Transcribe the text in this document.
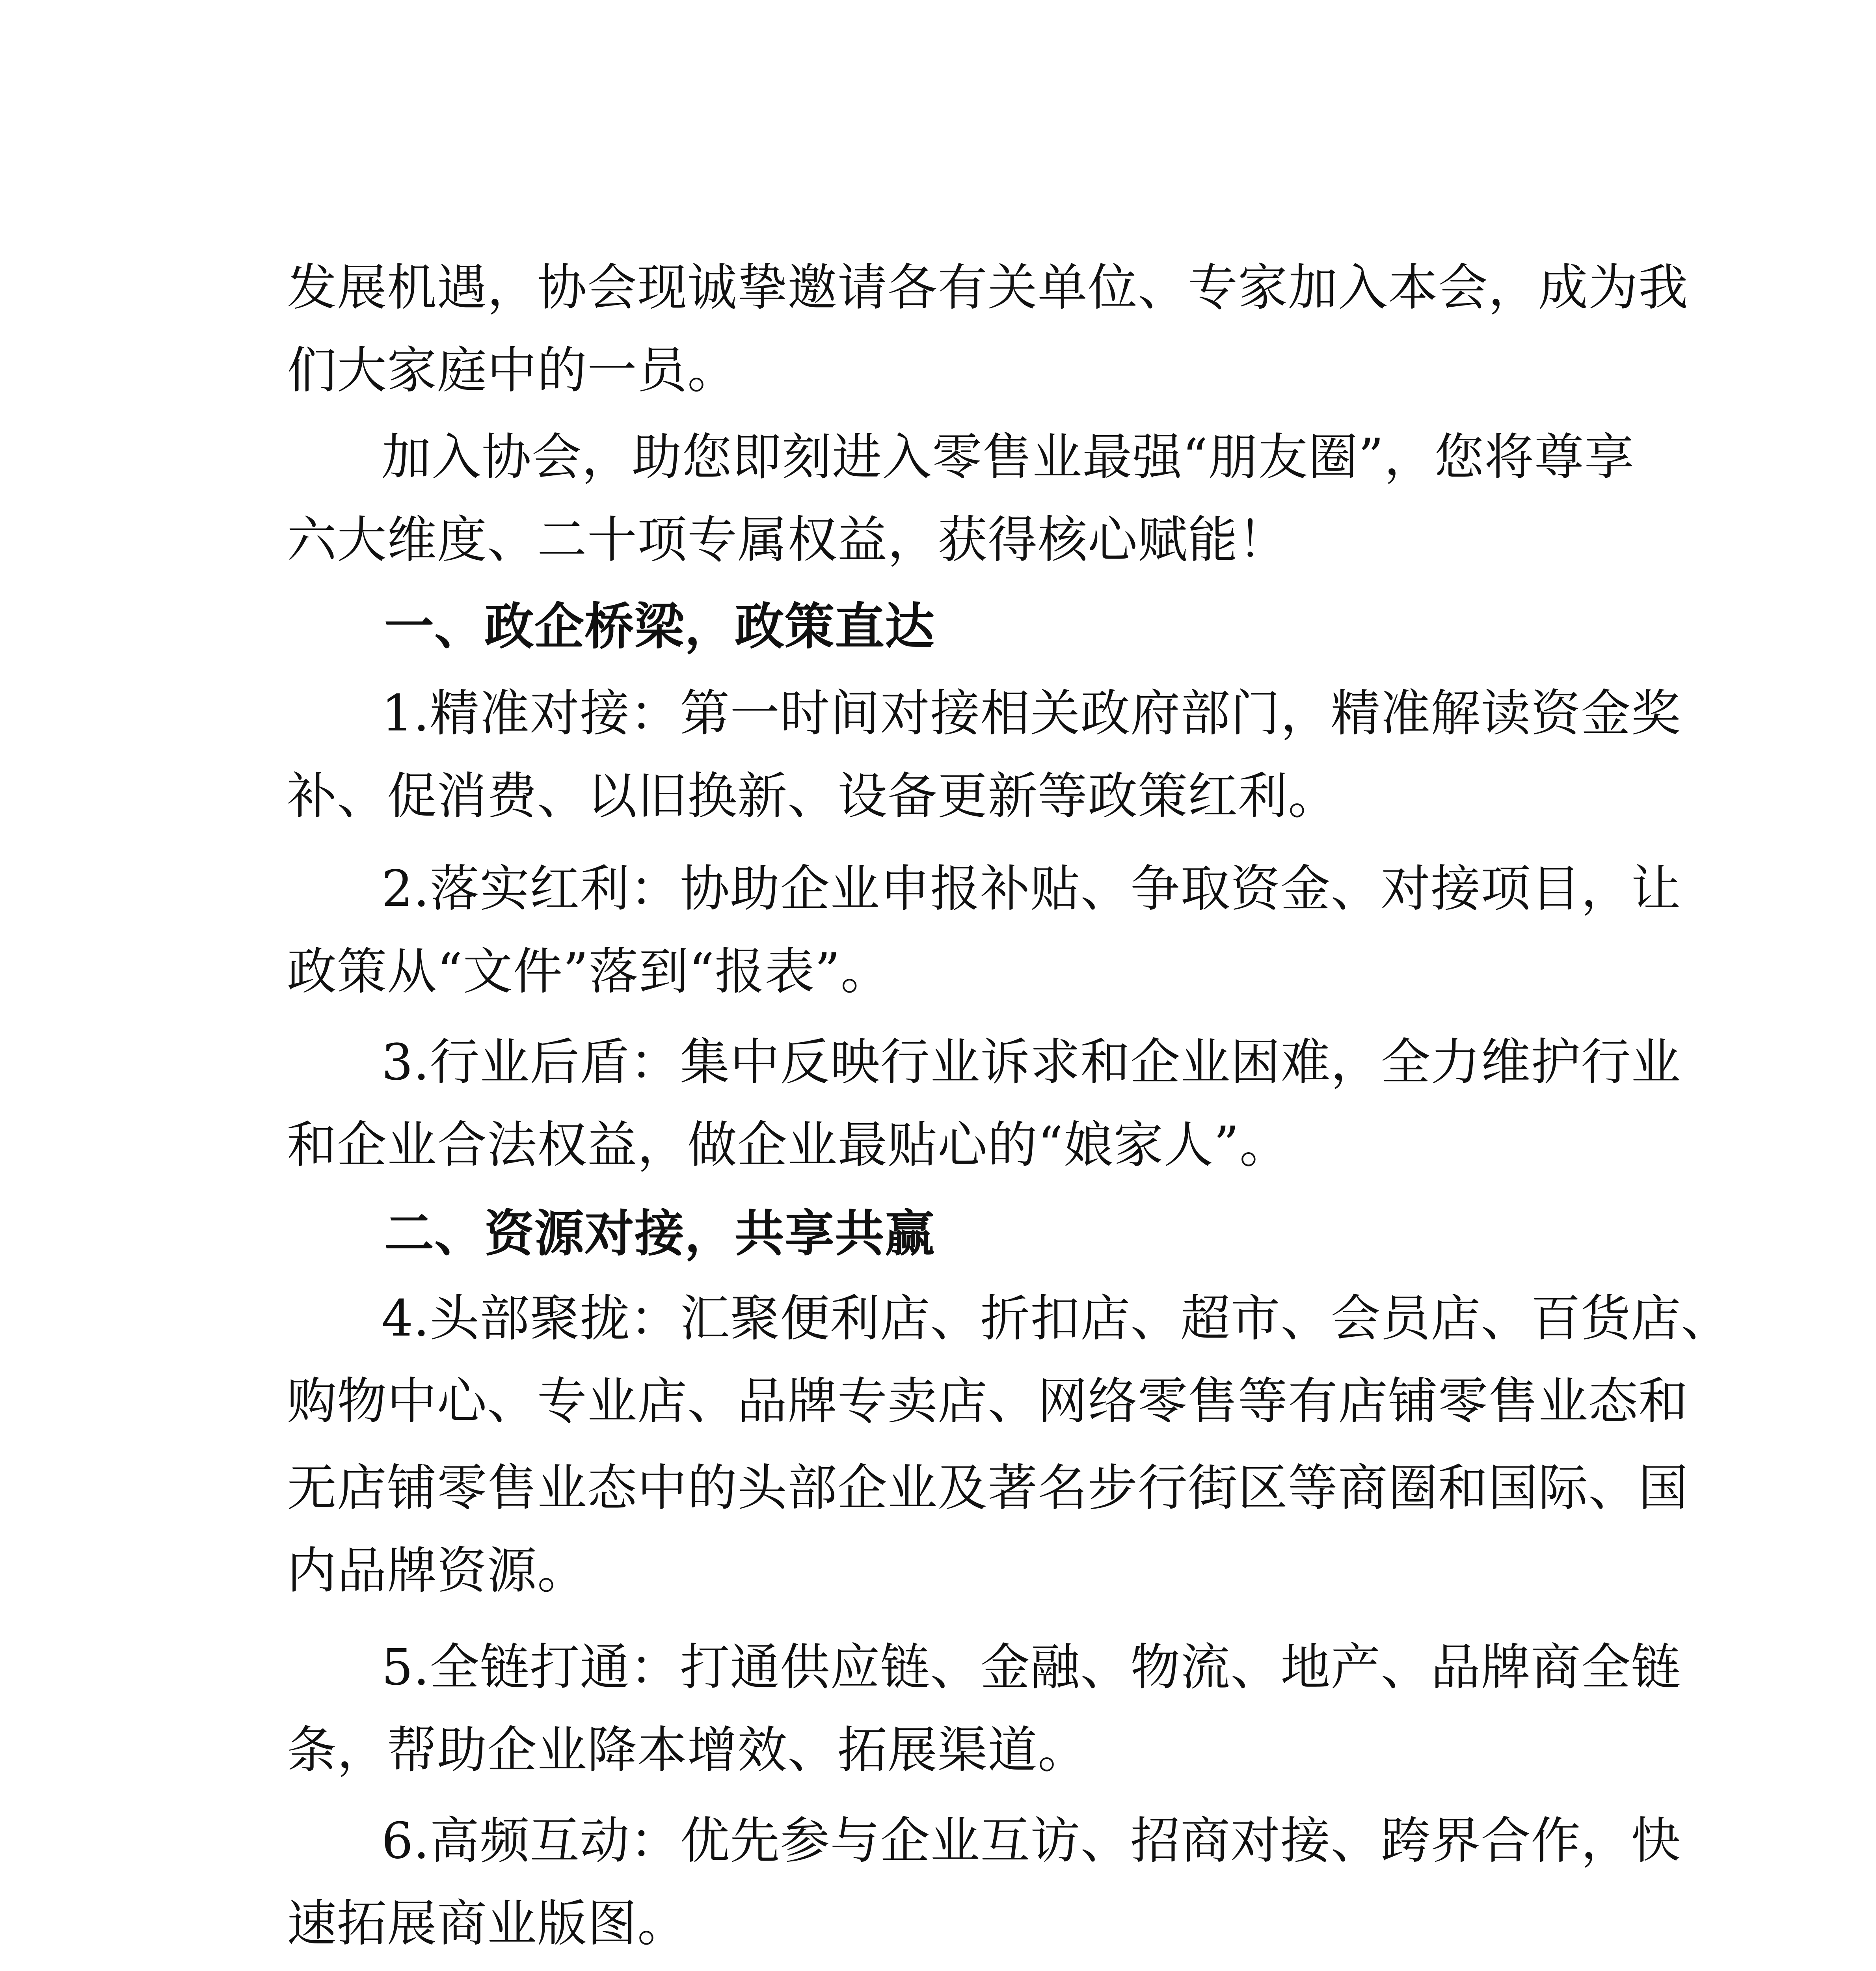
发展机遇，协会现诚挚邀请各有关单位、专家加入本会，成为我
们大家庭中的一员。
加入协会，助您即刻进入零售业最强“朋友圈”，您将尊享
六大维度、二十项专属权益，获得核心赋能！
一、政企桥梁，政策直达
1.精准对接：第一时间对接相关政府部门，精准解读资金奖
补、促消费、以旧换新、设备更新等政策红利。
2.落实红利：协助企业申报补贴、争取资金、对接项目，让
政策从“文件”落到“报表”。
3.行业后盾：集中反映行业诉求和企业困难，全力维护行业
和企业合法权益，做企业最贴心的“娘家人”。
二、资源对接，共享共赢
4.头部聚拢：汇聚便利店、折扣店、超市、会员店、百货店、
购物中心、专业店、品牌专卖店、网络零售等有店铺零售业态和
无店铺零售业态中的头部企业及著名步行街区等商圈和国际、国
内品牌资源。
5.全链打通：打通供应链、金融、物流、地产、品牌商全链
条，帮助企业降本增效、拓展渠道。
6.高频互动：优先参与企业互访、招商对接、跨界合作，快
速拓展商业版图。
